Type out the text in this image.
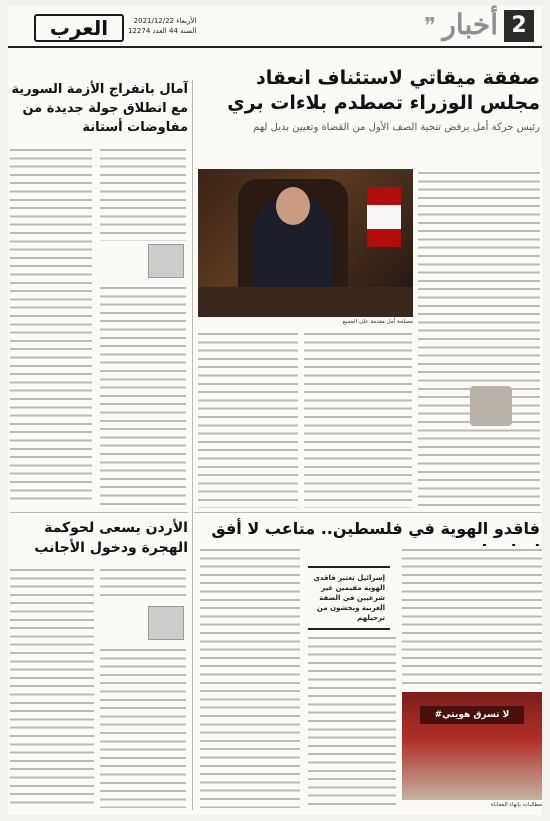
2
أخبار
❞
العرب	الأربعاء 2021/12/22
السنة 44 العدد 12274
صفقة ميقاتي لاستئناف انعقاد مجلس الوزراء تصطدم بلاءات بري
رئيس حركة أمل يرفض تنحية الصف الأول من القضاة وتعيين بديل لهم
آمال بانفراج الأزمة السورية مع انطلاق جولة جديدة من مفاوضات أستانة
مصلحة أمل مقدمة على الجميع
فاقدو الهوية في فلسطين.. متاعب لا أفق
إسرائيل تعتبر فاقدي الهوية مقيمين غير شرعيين في الضفة الغربية ويخشون من ترحيلهم
#لا تسرق هويتي
مطالبات بإنهاء المعاناة
الأردن يسعى لحوكمة الهجرة ودخول الأجانب
